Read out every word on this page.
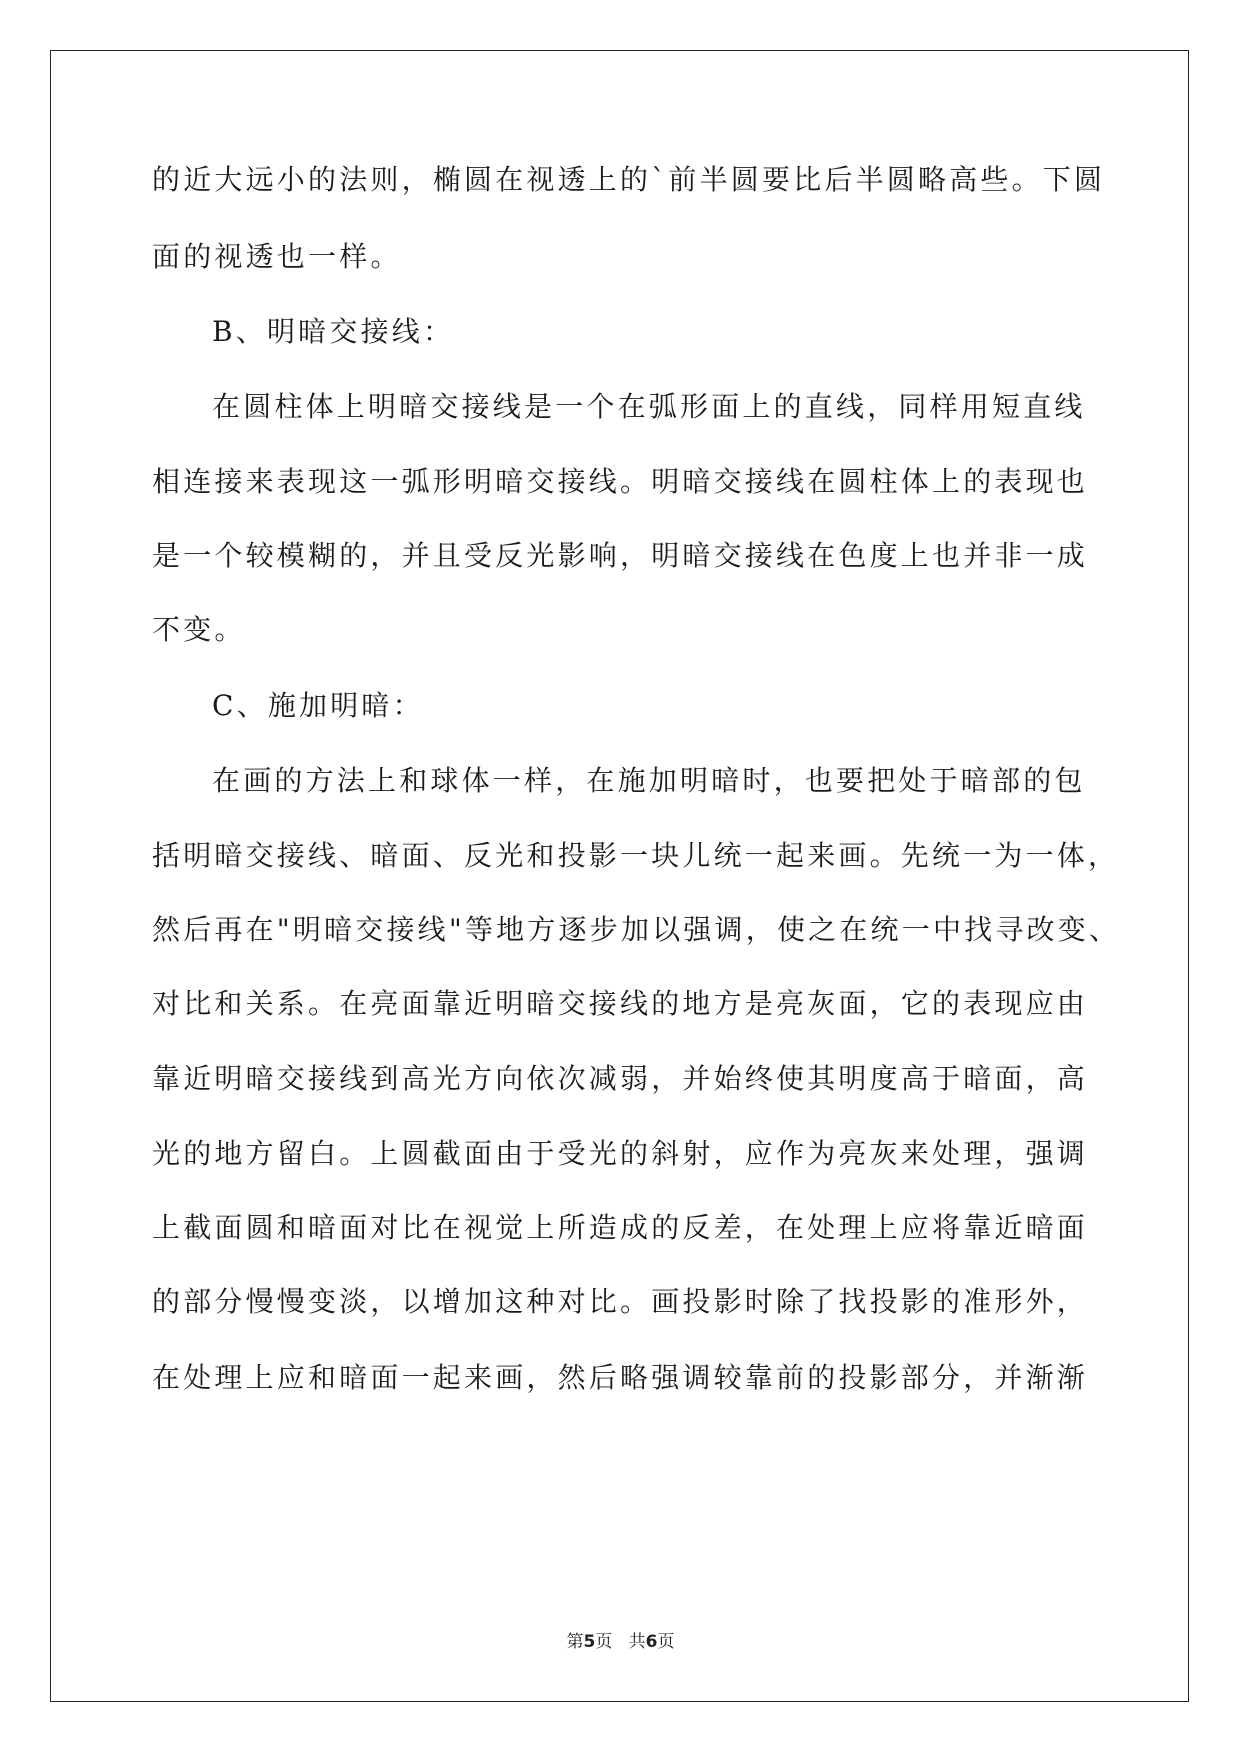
的近大远小的法则，椭圆在视透上的`前半圆要比后半圆略高些。下圆
面的视透也一样。
B、明暗交接线：
在圆柱体上明暗交接线是一个在弧形面上的直线，同样用短直线
相连接来表现这一弧形明暗交接线。明暗交接线在圆柱体上的表现也
是一个较模糊的，并且受反光影响，明暗交接线在色度上也并非一成
不变。
C、施加明暗：
在画的方法上和球体一样，在施加明暗时，也要把处于暗部的包
括明暗交接线、暗面、反光和投影一块儿统一起来画。先统一为一体，
然后再在"明暗交接线"等地方逐步加以强调，使之在统一中找寻改变、
对比和关系。在亮面靠近明暗交接线的地方是亮灰面，它的表现应由
靠近明暗交接线到高光方向依次减弱，并始终使其明度高于暗面，高
光的地方留白。上圆截面由于受光的斜射，应作为亮灰来处理，强调
上截面圆和暗面对比在视觉上所造成的反差，在处理上应将靠近暗面
的部分慢慢变淡，以增加这种对比。画投影时除了找投影的准形外，
在处理上应和暗面一起来画，然后略强调较靠前的投影部分，并渐渐
第5页   共6页
